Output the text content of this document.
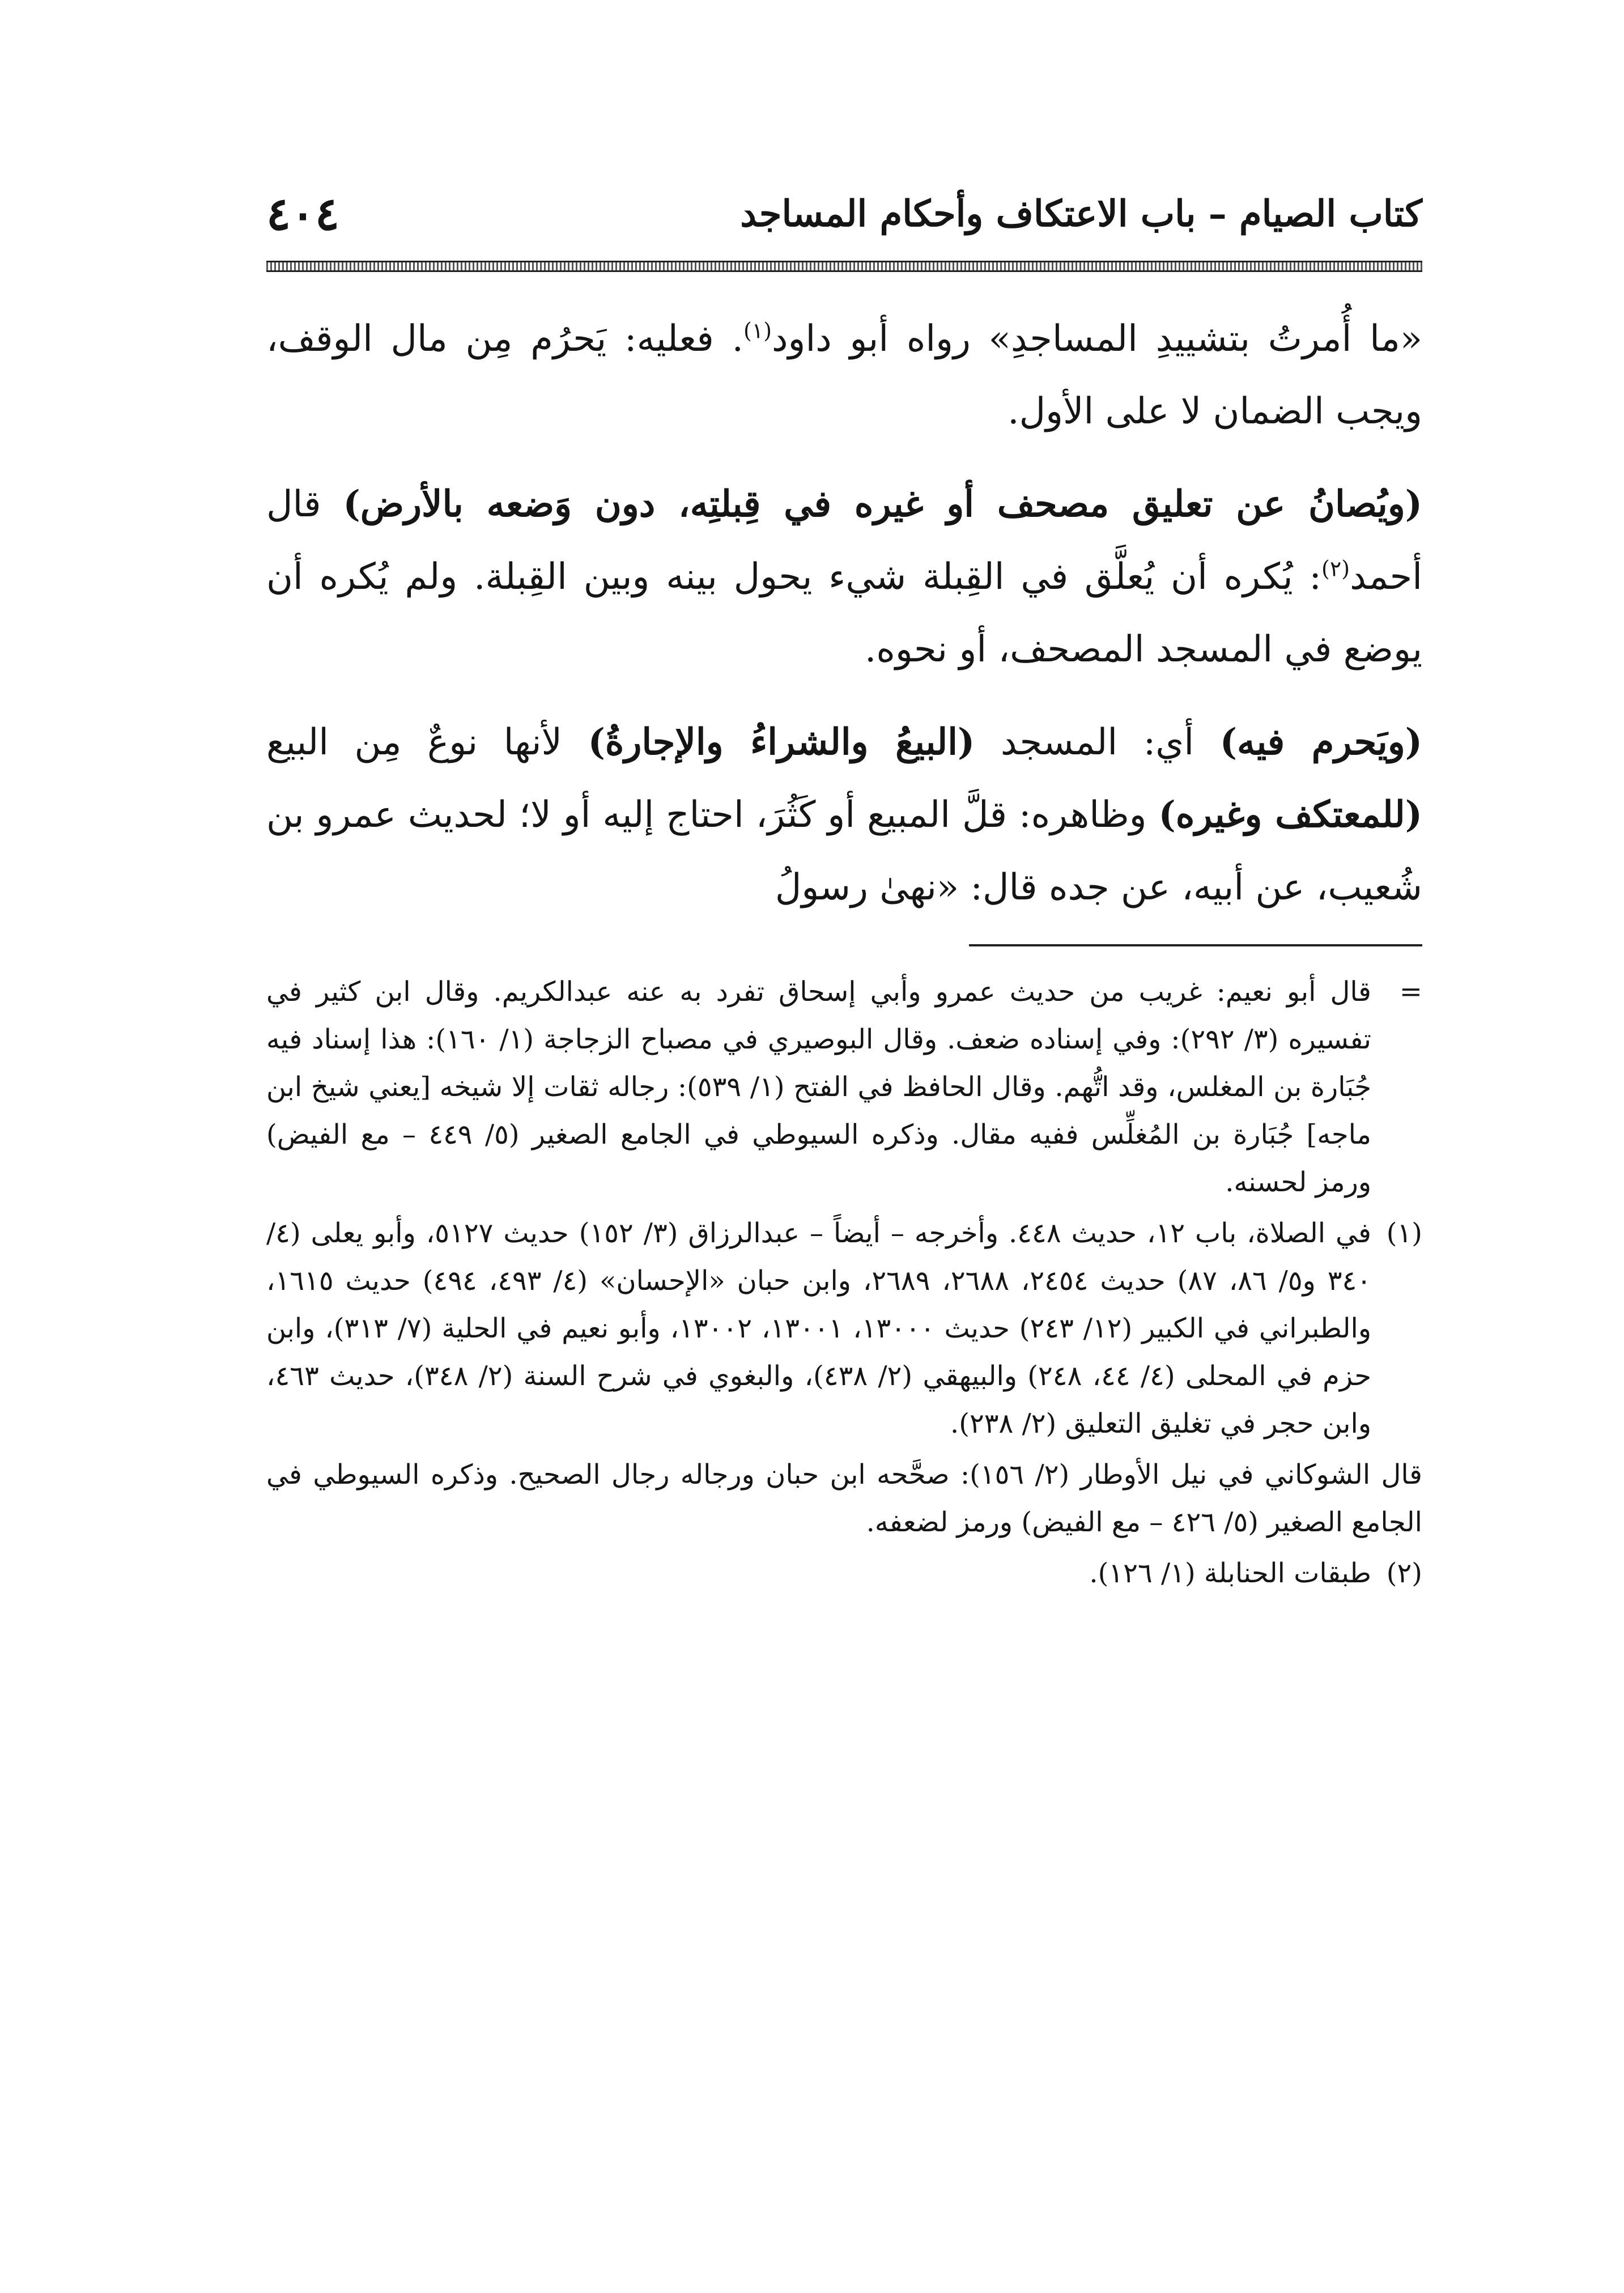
كتاب الصيام – باب الاعتكاف وأحكام المساجد
٤٠٤

«ما أُمرتُ بتشييدِ المساجدِ» رواه أبو داود$^{(١)}$. فعليه: يَحرُم مِن مال الوقف، ويجب الضمان لا على الأول.

(ويُصانُ عن تعليق مصحف أو غيره في قِبلتِه، دون وَضعه بالأرض) قال أحمد$^{(٢)}$: يُكره أن يُعلَّق في القِبلة شيء يحول بينه وبين القِبلة. ولم يُكره أن يوضع في المسجد المصحف، أو نحوه.

(ويَحرم فيه) أي: المسجد (البيعُ والشراءُ والإجارةُ) لأنها نوعٌ مِن البيع (للمعتكف وغيره) وظاهره: قلَّ المبيع أو كَثُرَ، احتاج إليه أو لا؛ لحديث عمرو بن شُعيب، عن أبيه، عن جده قال: «نهىٰ رسولُ

=
قال أبو نعيم: غريب من حديث عمرو وأبي إسحاق تفرد به عنه عبدالكريم. وقال ابن كثير في تفسيره (٣/ ٢٩٢): وفي إسناده ضعف. وقال البوصيري في مصباح الزجاجة (١/ ١٦٠): هذا إسناد فيه جُبَارة بن المغلس، وقد اتُّهم. وقال الحافظ في الفتح (١/ ٥٣٩): رجاله ثقات إلا شيخه [يعني شيخ ابن ماجه] جُبَارة بن المُغلِّس ففيه مقال. وذكره السيوطي في الجامع الصغير (٥/ ٤٤٩ – مع الفيض) ورمز لحسنه.
(١)
في الصلاة، باب ١٢، حديث ٤٤٨. وأخرجه – أيضاً – عبدالرزاق (٣/ ١٥٢) حديث ٥١٢٧، وأبو يعلى (٤/ ٣٤٠ و٥/ ٨٦، ٨٧) حديث ٢٤٥٤، ٢٦٨٨، ٢٦٨٩، وابن حبان «الإحسان» (٤/ ٤٩٣، ٤٩٤) حديث ١٦١٥، والطبراني في الكبير (١٢/ ٢٤٣) حديث ١٣٠٠٠، ١٣٠٠١، ١٣٠٠٢، وأبو نعيم في الحلية (٧/ ٣١٣)، وابن حزم في المحلى (٤/ ٤٤، ٢٤٨) والبيهقي (٢/ ٤٣٨)، والبغوي في شرح السنة (٢/ ٣٤٨)، حديث ٤٦٣، وابن حجر في تغليق التعليق (٢/ ٢٣٨).
قال الشوكاني في نيل الأوطار (٢/ ١٥٦): صحَّحه ابن حبان ورجاله رجال الصحيح. وذكره السيوطي في الجامع الصغير (٥/ ٤٢٦ – مع الفيض) ورمز لضعفه.
(٢)
طبقات الحنابلة (١/ ١٢٦).
